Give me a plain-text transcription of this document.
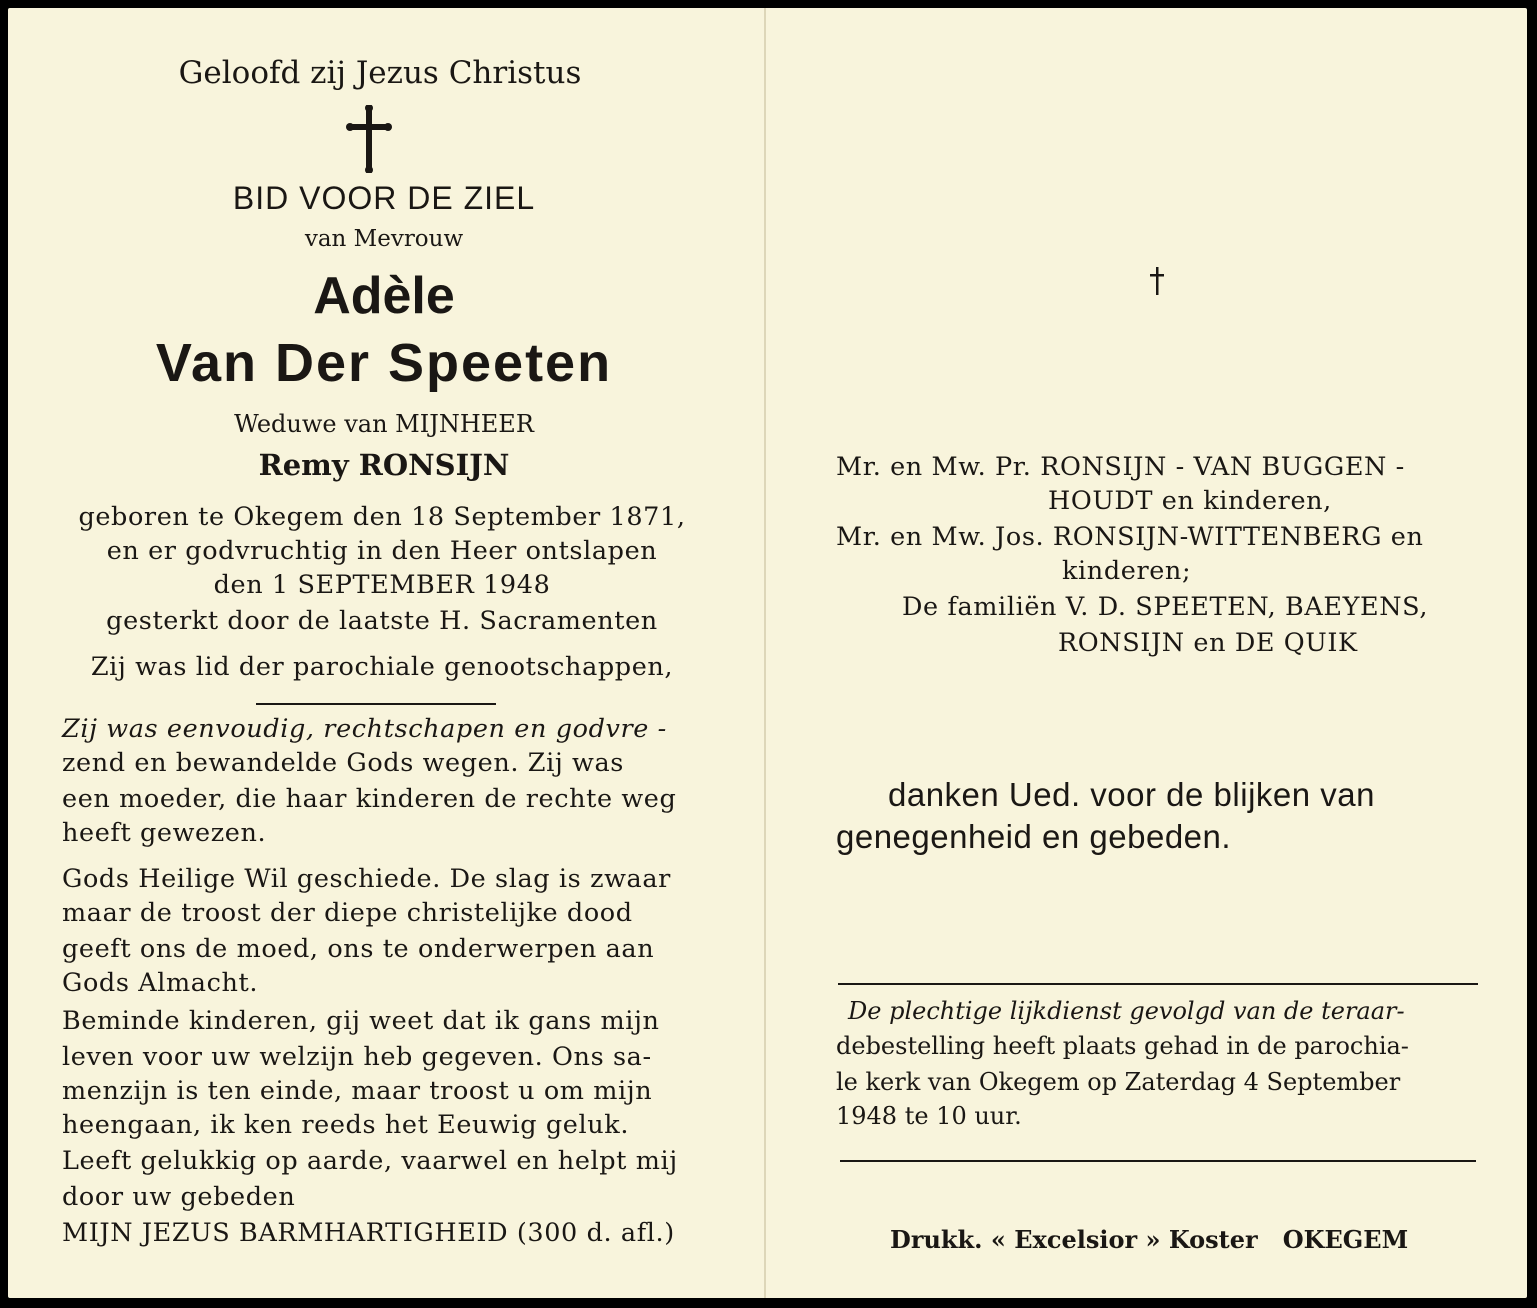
Geloofd zij Jezus Christus
BID VOOR DE ZIEL
van Mevrouw
Adèle
Van Der Speeten
Weduwe van MIJNHEER
Remy RONSIJN
geboren te Okegem den 18 September 1871,
en er godvruchtig in den Heer ontslapen
den 1 SEPTEMBER 1948
gesterkt door de laatste H. Sacramenten
Zij was lid der parochiale genootschappen,
Zij was eenvoudig, rechtschapen en godvre -
zend en bewandelde Gods wegen. Zij was
een moeder, die haar kinderen de rechte weg
heeft gewezen.
Gods Heilige Wil geschiede. De slag is zwaar
maar de troost der diepe christelijke dood
geeft ons de moed, ons te onderwerpen aan
Gods Almacht.
Beminde kinderen, gij weet dat ik gans mijn
leven voor uw welzijn heb gegeven. Ons sa-
menzijn is ten einde, maar troost u om mijn
heengaan, ik ken reeds het Eeuwig geluk.
Leeft gelukkig op aarde, vaarwel en helpt mij
door uw gebeden
MIJN JEZUS BARMHARTIGHEID (300 d. afl.)
Mr. en Mw. Pr. RONSIJN - VAN BUGGEN -
HOUDT en kinderen,
Mr. en Mw. Jos. RONSIJN-WITTENBERG en
kinderen;
De familiën V. D. SPEETEN, BAEYENS,
RONSIJN en DE QUIK
danken Ued. voor de blijken van
genegenheid en gebeden.
De plechtige lijkdienst gevolgd van de teraar-
debestelling heeft plaats gehad in de parochia-
le kerk van Okegem op Zaterdag 4 September
1948 te 10 uur.
Drukk. « Excelsior » Koster   OKEGEM
